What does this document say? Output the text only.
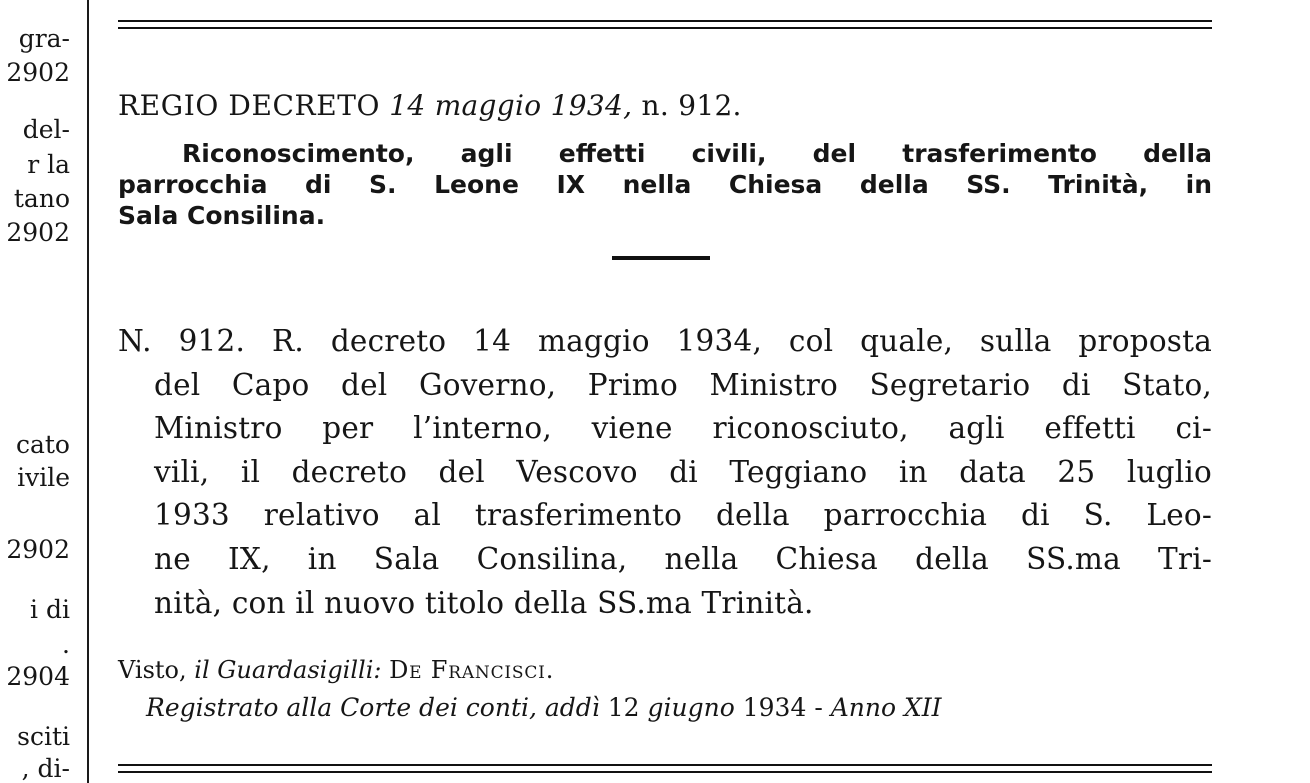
gra-
2902
del-
r la
tano
2902
cato
ivile
2902
i di
.
2904
sciti
, di-
REGIO DECRETO 14 maggio 1934, n. 912.
Riconoscimento, agli effetti civili, del trasferimento della
parrocchia di S. Leone IX nella Chiesa della SS. Trinità, in
Sala Consilina.
N. 912. R. decreto 14 maggio 1934, col quale, sulla proposta
del Capo del Governo, Primo Ministro Segretario di Stato,
Ministro per l’interno, viene riconosciuto, agli effetti ci-
vili, il decreto del Vescovo di Teggiano in data 25 luglio
1933 relativo al trasferimento della parrocchia di S. Leo-
ne IX, in Sala Consilina, nella Chiesa della SS.ma Tri-
nità, con il nuovo titolo della SS.ma Trinità.
Visto, il Guardasigilli: De Francisci.
Registrato alla Corte dei conti, addì 12 giugno 1934 - Anno XII
